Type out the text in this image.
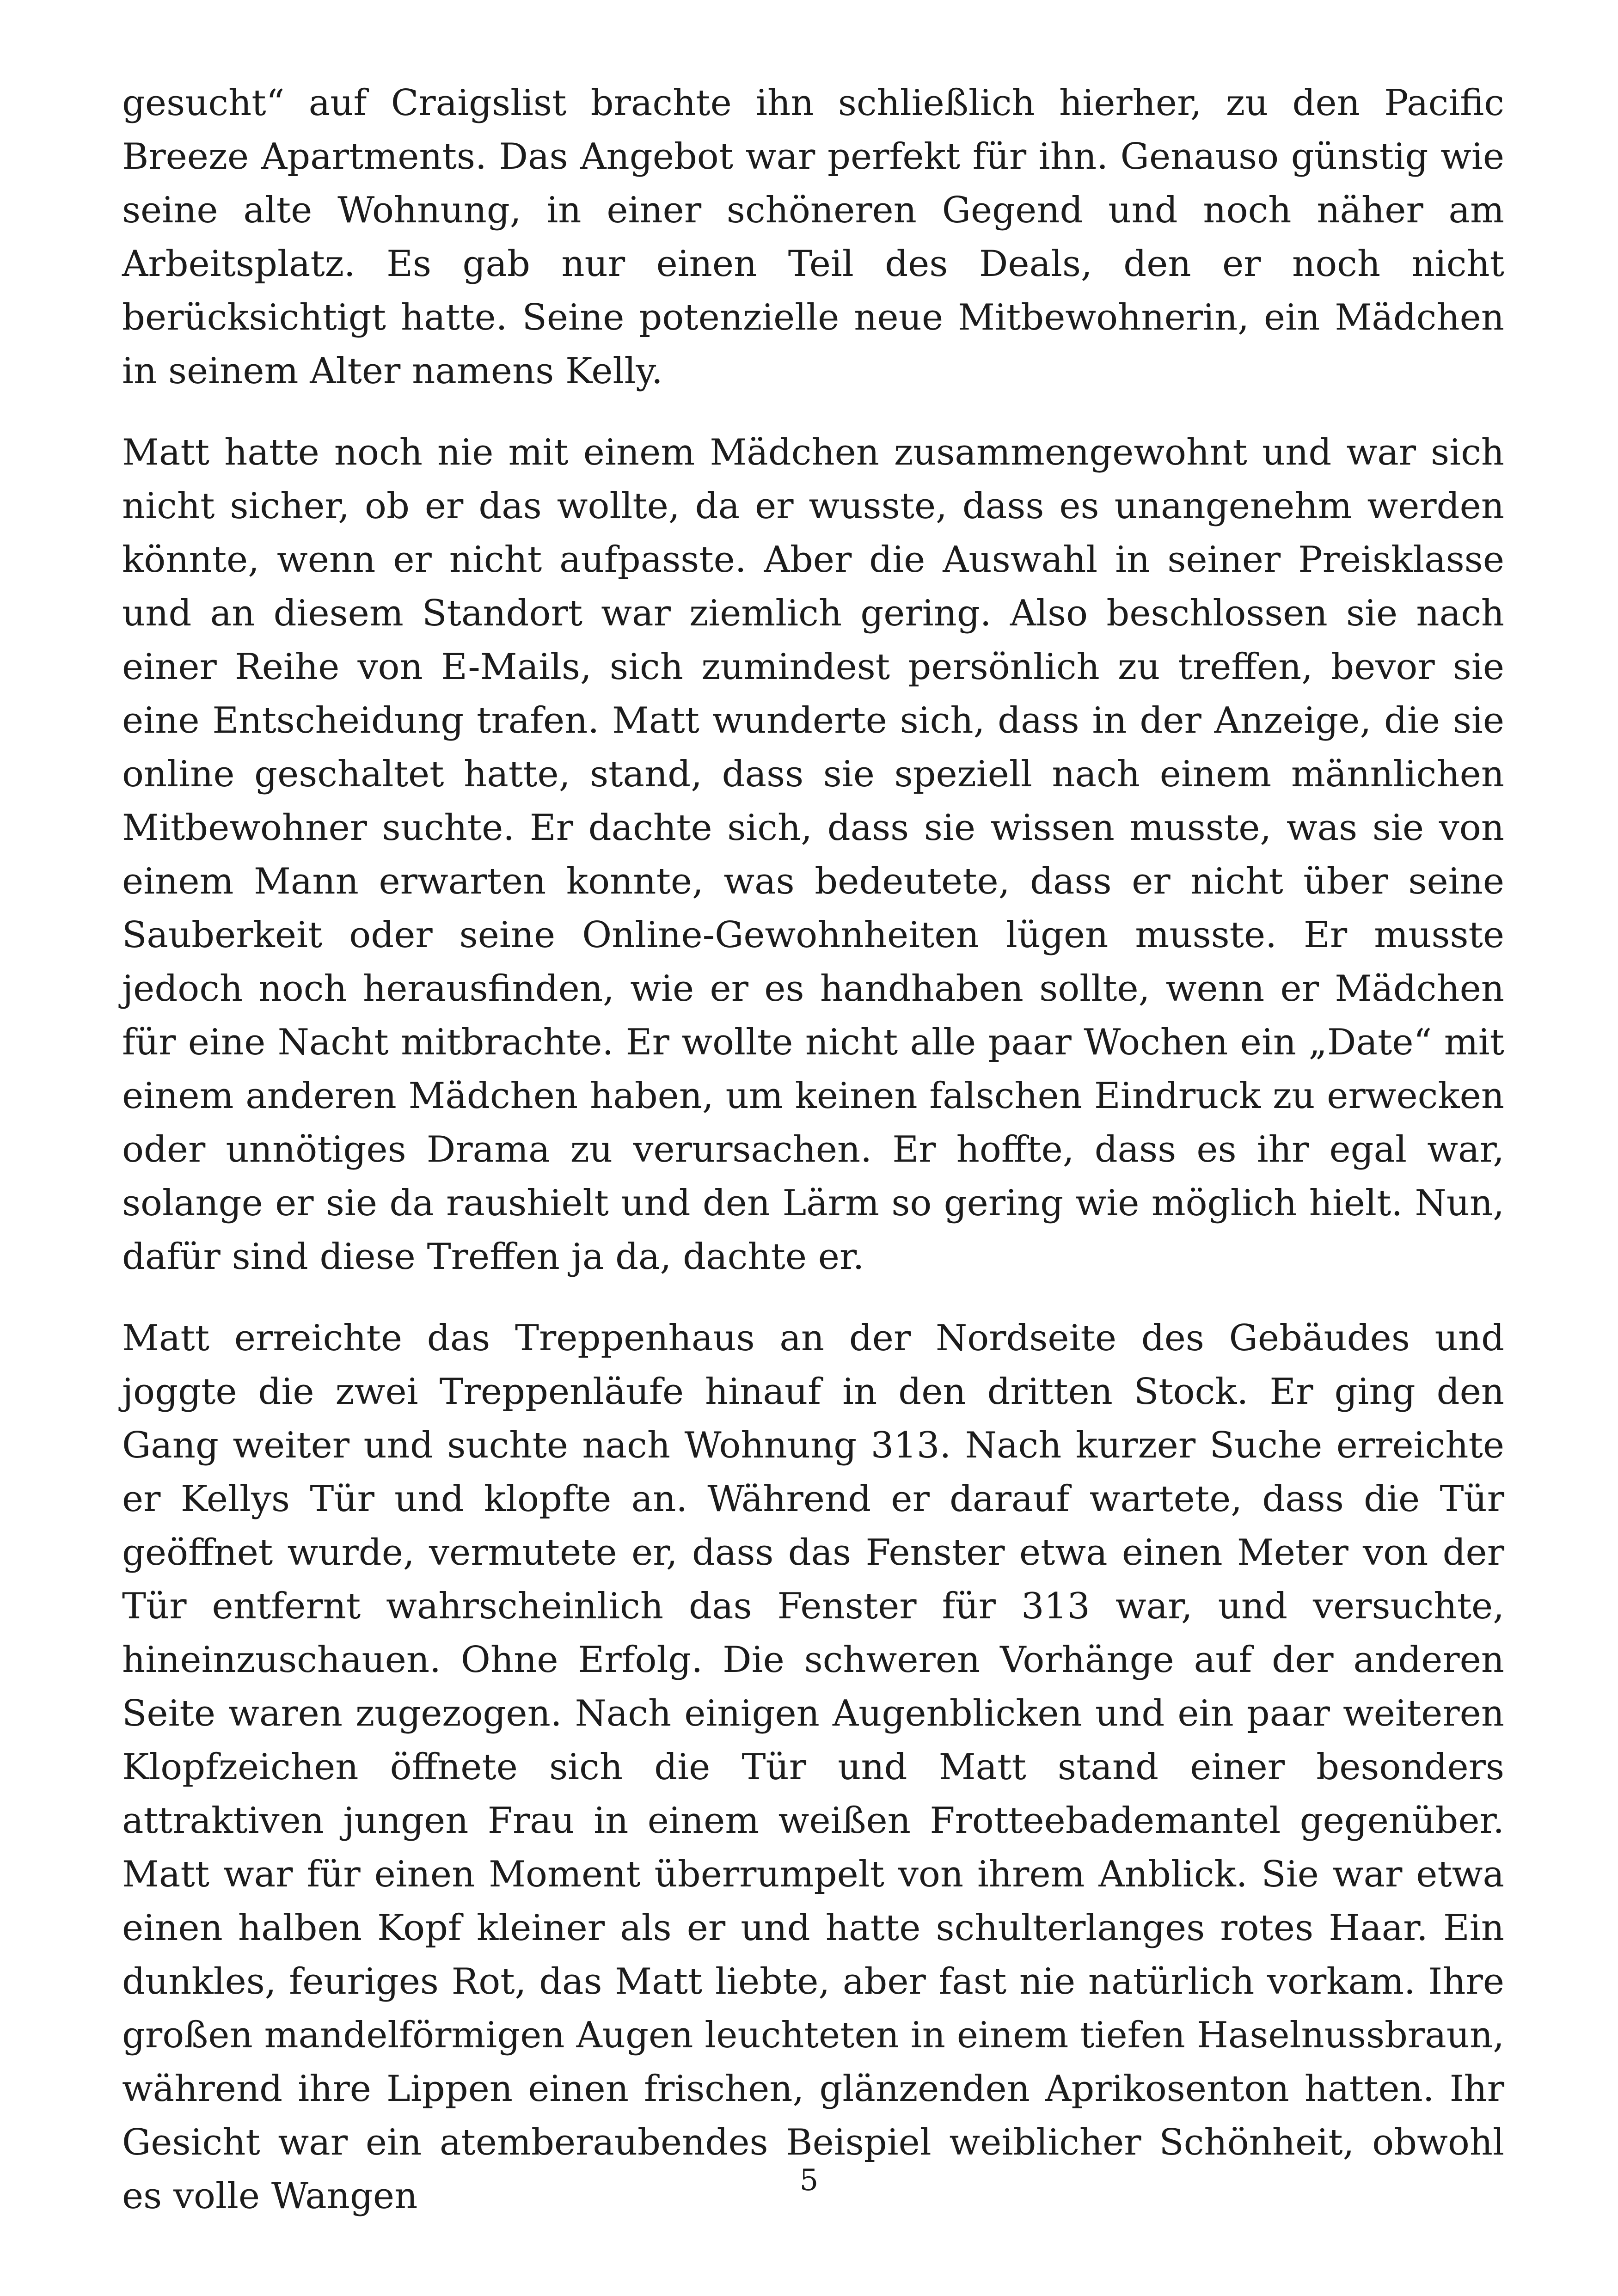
gesucht“ auf Craigslist brachte ihn schließlich hierher, zu den Pacific Breeze Apartments. Das Angebot war perfekt für ihn. Genauso günstig wie seine alte Wohnung, in einer schöneren Gegend und noch näher am Arbeitsplatz. Es gab nur einen Teil des Deals, den er noch nicht berücksichtigt hatte. Seine potenzielle neue Mitbewohnerin, ein Mädchen in seinem Alter namens Kelly.

Matt hatte noch nie mit einem Mädchen zusammengewohnt und war sich nicht sicher, ob er das wollte, da er wusste, dass es unangenehm werden könnte, wenn er nicht aufpasste. Aber die Auswahl in seiner Preisklasse und an diesem Standort war ziemlich gering. Also beschlossen sie nach einer Reihe von E-Mails, sich zumindest persönlich zu treffen, bevor sie eine Entscheidung trafen. Matt wunderte sich, dass in der Anzeige, die sie online geschaltet hatte, stand, dass sie speziell nach einem männlichen Mitbewohner suchte. Er dachte sich, dass sie wissen musste, was sie von einem Mann erwarten konnte, was bedeutete, dass er nicht über seine Sauberkeit oder seine Online-Gewohnheiten lügen musste. Er musste jedoch noch herausfinden, wie er es handhaben sollte, wenn er Mädchen für eine Nacht mitbrachte. Er wollte nicht alle paar Wochen ein „Date“ mit einem anderen Mädchen haben, um keinen falschen Eindruck zu erwecken oder unnötiges Drama zu verursachen. Er hoffte, dass es ihr egal war, solange er sie da raushielt und den Lärm so gering wie möglich hielt. Nun, dafür sind diese Treffen ja da, dachte er.

Matt erreichte das Treppenhaus an der Nordseite des Gebäudes und joggte die zwei Treppenläufe hinauf in den dritten Stock. Er ging den Gang weiter und suchte nach Wohnung 313. Nach kurzer Suche erreichte er Kellys Tür und klopfte an. Während er darauf wartete, dass die Tür geöffnet wurde, vermutete er, dass das Fenster etwa einen Meter von der Tür entfernt wahrscheinlich das Fenster für 313 war, und versuchte, hineinzuschauen. Ohne Erfolg. Die schweren Vorhänge auf der anderen Seite waren zugezogen. Nach einigen Augenblicken und ein paar weiteren Klopfzeichen öffnete sich die Tür und Matt stand einer besonders attraktiven jungen Frau in einem weißen Frotteebademantel gegenüber. Matt war für einen Moment überrumpelt von ihrem Anblick. Sie war etwa einen halben Kopf kleiner als er und hatte schulterlanges rotes Haar. Ein dunkles, feuriges Rot, das Matt liebte, aber fast nie natürlich vorkam. Ihre großen mandelförmigen Augen leuchteten in einem tiefen Haselnussbraun, während ihre Lippen einen frischen, glänzenden Aprikosenton hatten. Ihr Gesicht war ein atemberaubendes Beispiel weiblicher Schönheit, obwohl es volle Wangen	5
